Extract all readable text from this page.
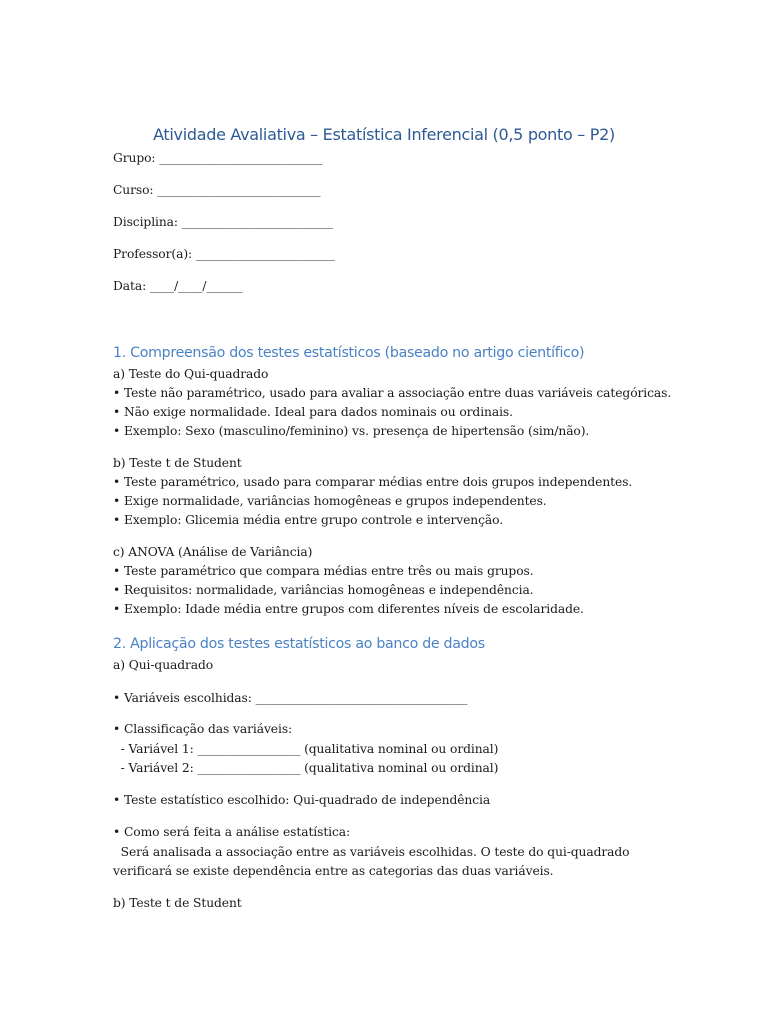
Atividade Avaliativa – Estatística Inferencial (0,5 ponto – P2)
Grupo: ___________________________
Curso: ___________________________
Disciplina: _________________________
Professor(a): _______________________
Data: ____/____/______
1. Compreensão dos testes estatísticos (baseado no artigo científico)
a) Teste do Qui-quadrado
• Teste não paramétrico, usado para avaliar a associação entre duas variáveis categóricas.
• Não exige normalidade. Ideal para dados nominais ou ordinais.
• Exemplo: Sexo (masculino/feminino) vs. presença de hipertensão (sim/não).
b) Teste t de Student
• Teste paramétrico, usado para comparar médias entre dois grupos independentes.
• Exige normalidade, variâncias homogêneas e grupos independentes.
• Exemplo: Glicemia média entre grupo controle e intervenção.
c) ANOVA (Análise de Variância)
• Teste paramétrico que compara médias entre três ou mais grupos.
• Requisitos: normalidade, variâncias homogêneas e independência.
• Exemplo: Idade média entre grupos com diferentes níveis de escolaridade.
2. Aplicação dos testes estatísticos ao banco de dados
a) Qui-quadrado
• Variáveis escolhidas: ___________________________________
• Classificação das variáveis:
- Variável 1: _________________ (qualitativa nominal ou ordinal)
- Variável 2: _________________ (qualitativa nominal ou ordinal)
• Teste estatístico escolhido: Qui-quadrado de independência
• Como será feita a análise estatística:
Será analisada a associação entre as variáveis escolhidas. O teste do qui-quadrado
verificará se existe dependência entre as categorias das duas variáveis.
b) Teste t de Student
